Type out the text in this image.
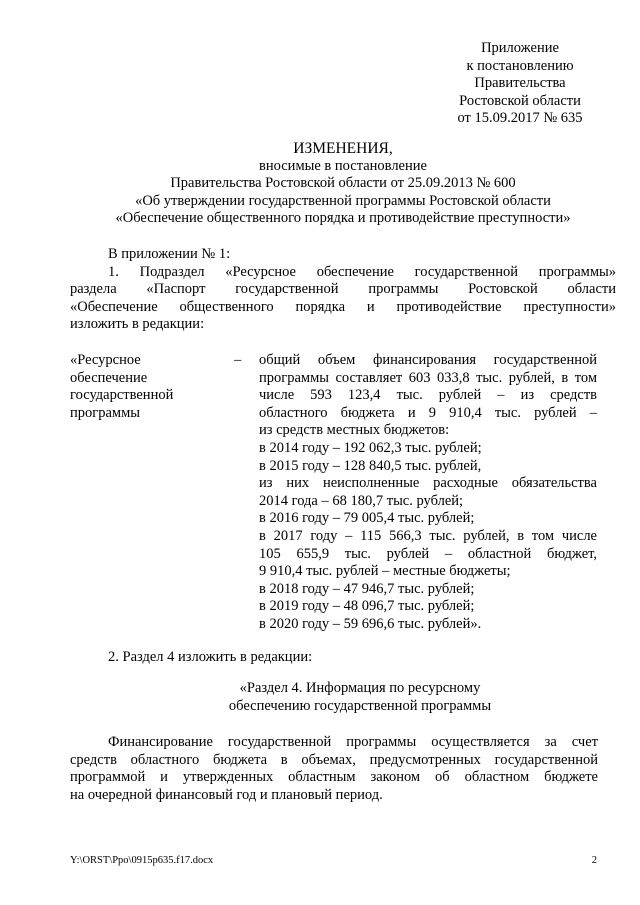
Приложение
к постановлению
Правительства
Ростовской области
от 15.09.2017 № 635
ИЗМЕНЕНИЯ,
вносимые в постановление
Правительства Ростовской области от 25.09.2013 № 600
«Об утверждении государственной программы Ростовской области
«Обеспечение общественного порядка и противодействие преступности»
В приложении № 1:
1. Подраздел «Ресурсное обеспечение государственной программы»
раздела «Паспорт государственной программы Ростовской области
«Обеспечение общественного порядка и противодействие преступности»
изложить в редакции:
«Ресурсное
обеспечение
государственной
программы
–	общий объем финансирования государственной
программы составляет 603 033,8 тыс. рублей, в том
числе 593 123,4 тыс. рублей – из средств
областного бюджета и 9 910,4 тыс. рублей –
из средств местных бюджетов:
в 2014 году – 192 062,3 тыс. рублей;
в 2015 году – 128 840,5 тыс. рублей,
из них неисполненные расходные обязательства
2014 года – 68 180,7 тыс. рублей;
в 2016 году – 79 005,4 тыс. рублей;
в 2017 году – 115 566,3 тыс. рублей, в том числе
105 655,9 тыс. рублей – областной бюджет,
9 910,4 тыс. рублей – местные бюджеты;
в 2018 году – 47 946,7 тыс. рублей;
в 2019 году – 48 096,7 тыс. рублей;
в 2020 году – 59 696,6 тыс. рублей».
2. Раздел 4 изложить в редакции:
«Раздел 4. Информация по ресурсному
обеспечению государственной программы
Финансирование государственной программы осуществляется за счет
средств областного бюджета в объемах, предусмотренных государственной
программой и утвержденных областным законом об областном бюджете
на очередной финансовый год и плановый период.
Y:\ORST\Ppo\0915p635.f17.docx	2
